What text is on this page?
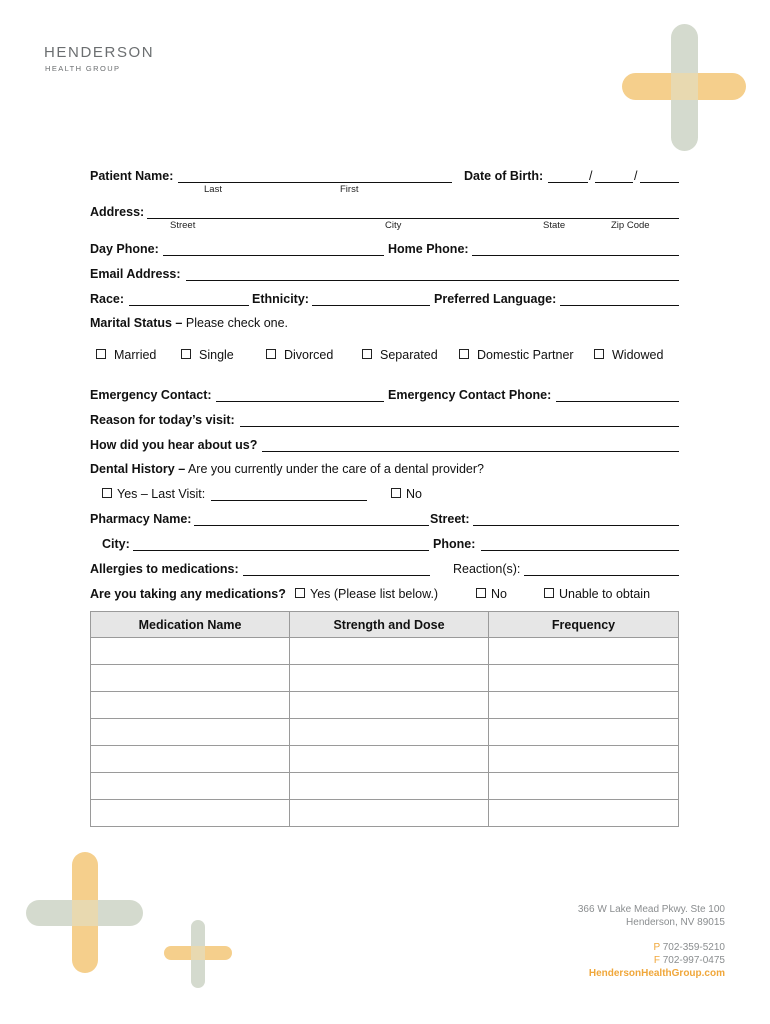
HENDERSON
HEALTH GROUP
Patient Name:
Last	First
Date of Birth:	/	/
Address:
Street	City	State	Zip Code
Day Phone:	Home Phone:
Email Address:
Race:	Ethnicity:	Preferred Language:
Marital Status – Please check one.
Married	Single	Divorced	Separated	Domestic Partner	Widowed
Emergency Contact:	Emergency Contact Phone:
Reason for today’s visit:
How did you hear about us?
Dental History – Are you currently under the care of a dental provider?
Yes – Last Visit:	No
Pharmacy Name:	Street:
City:	Phone:
Allergies to medications:	Reaction(s):
Are you taking any medications?	Yes (Please list below.)	No	Unable to obtain
Medication Name	Strength and Dose	Frequency

366 W Lake Mead Pkwy. Ste 100
Henderson, NV 89015
P 702-359-5210
F 702-997-0475
HendersonHealthGroup.com
